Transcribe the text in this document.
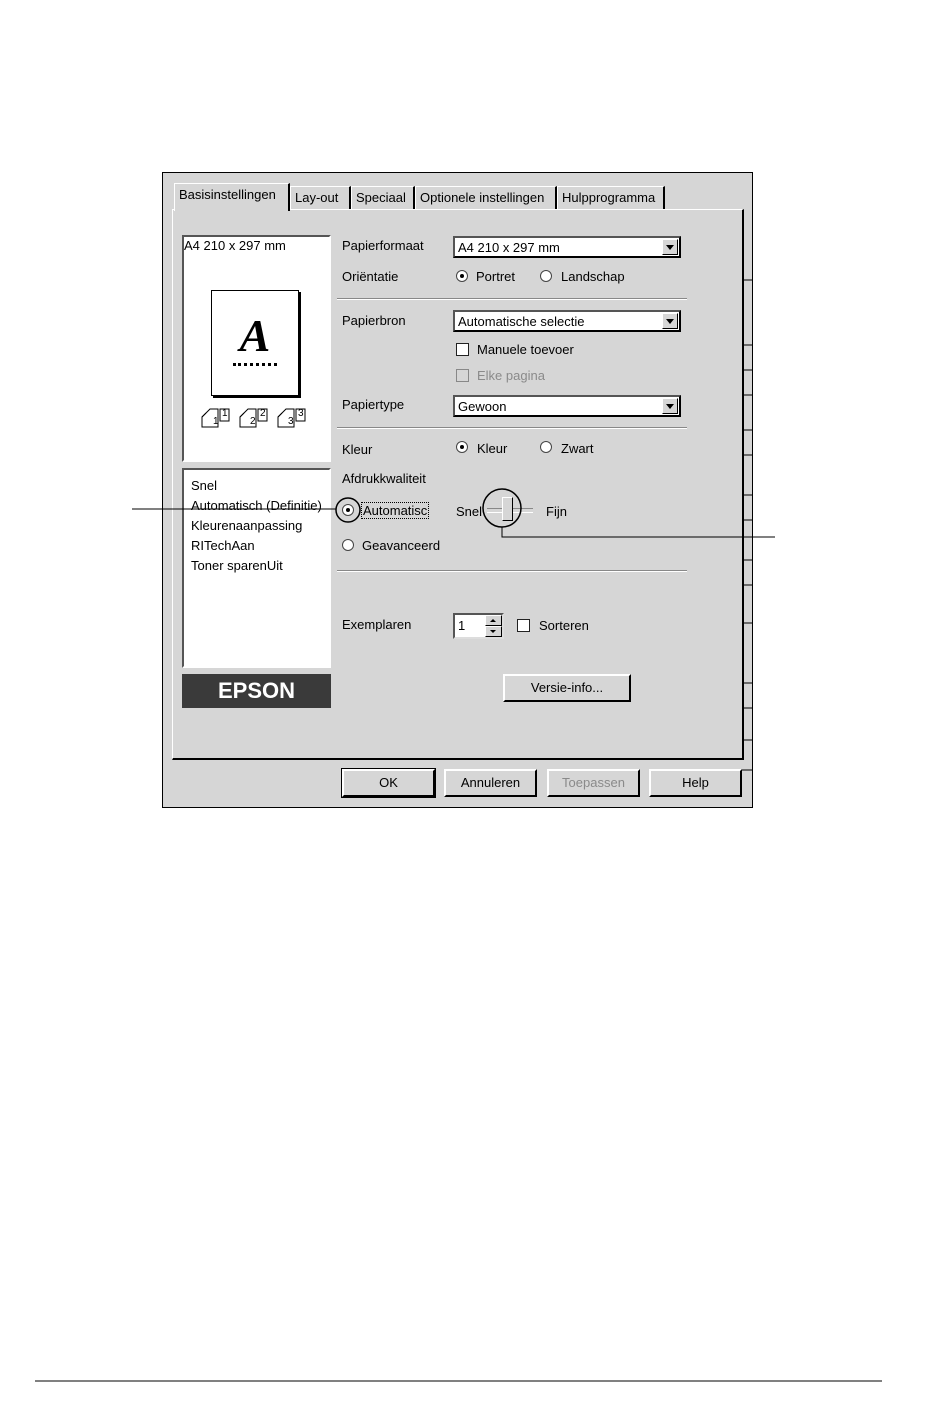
Basisinstellingen	Lay-out	Speciaal	Optionele instellingen	Hulpprogramma
A4 210 x 297 mm
A
1
1
2
2
3
3
Snel
Automatisch (Definitie)
Kleurenaanpassing
RITechAan
Toner sparenUit
EPSON
Papierformaat	A4 210 x 297 mm
Oriëntatie	Portret	Landschap
Papierbron	Automatische selectie
Manuele toevoer
Elke pagina
Papiertype	Gewoon
Kleur	Kleur	Zwart
Afdrukkwaliteit
Automatisc Snel	Fijn
Geavanceerd
Exemplaren	1	Sorteren
Versie-info...
OK	Annuleren	Toepassen	Help
